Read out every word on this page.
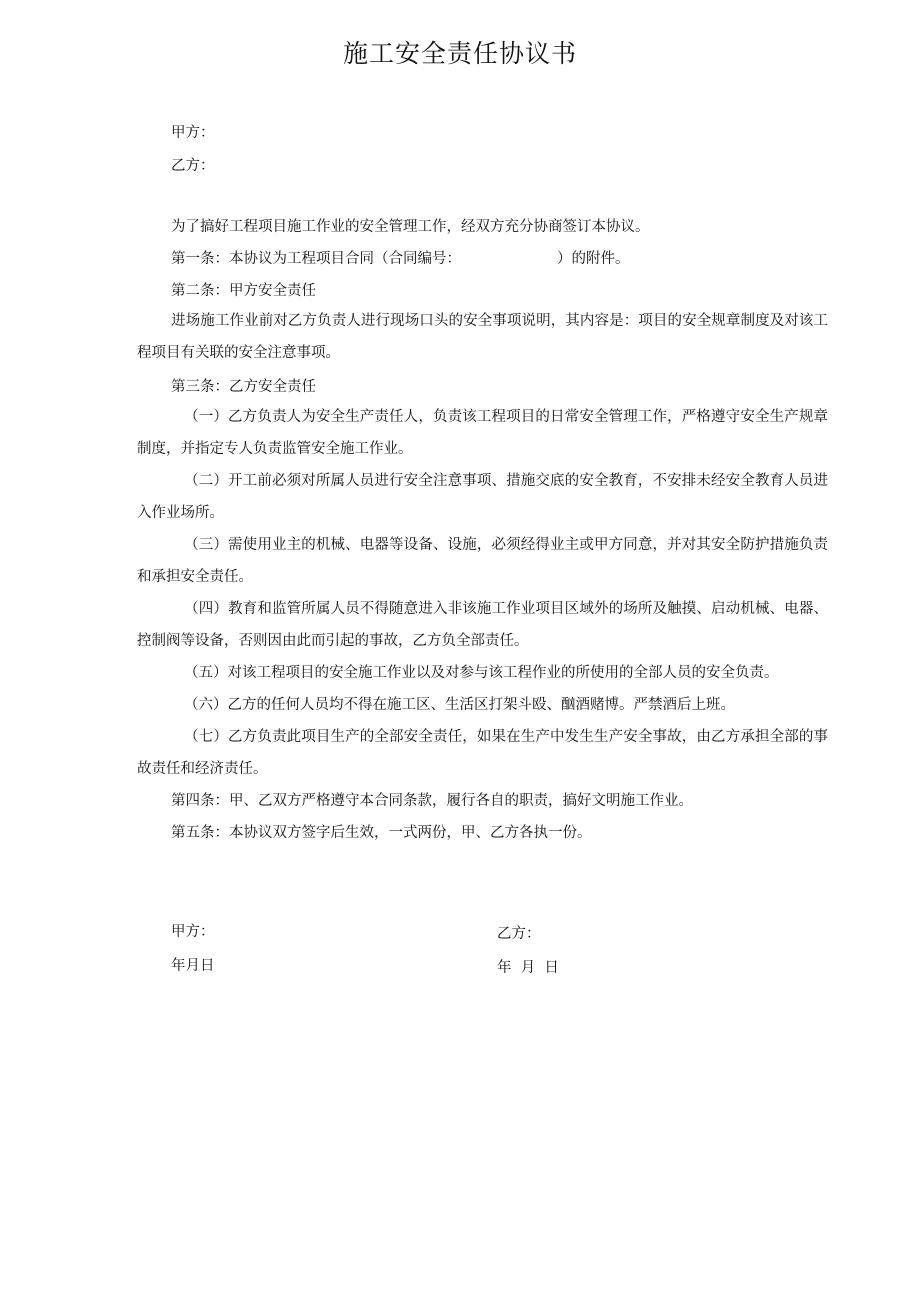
施工安全责任协议书
甲方：
乙方：
为了搞好工程项目施工作业的安全管理工作，经双方充分协商签订本协议。
第一条：本协议为工程项目合同（合同编号：	）的附件。
第二条：甲方安全责任
进场施工作业前对乙方负责人进行现场口头的安全事项说明，其内容是：项目的安全规章制度及对该工程项目有关联的安全注意事项。
第三条：乙方安全责任
（一）乙方负责人为安全生产责任人，负责该工程项目的日常安全管理工作，严格遵守安全生产规章制度，并指定专人负责监管安全施工作业。
（二）开工前必须对所属人员进行安全注意事项、措施交底的安全教育，不安排未经安全教育人员进入作业场所。
（三）需使用业主的机械、电器等设备、设施，必须经得业主或甲方同意，并对其安全防护措施负责和承担安全责任。
（四）教育和监管所属人员不得随意进入非该施工作业项目区域外的场所及触摸、启动机械、电器、控制阀等设备，否则因由此而引起的事故，乙方负全部责任。
（五）对该工程项目的安全施工作业以及对参与该工程作业的所使用的全部人员的安全负责。
（六）乙方的任何人员均不得在施工区、生活区打架斗殴、酗酒赌博。严禁酒后上班。
（七）乙方负责此项目生产的全部安全责任，如果在生产中发生生产安全事故，由乙方承担全部的事故责任和经济责任。
第四条：甲、乙双方严格遵守本合同条款，履行各自的职责，搞好文明施工作业。
第五条：本协议双方签字后生效，一式两份，甲、乙方各执一份。
甲方：
年月日
乙方：
年  月  日
